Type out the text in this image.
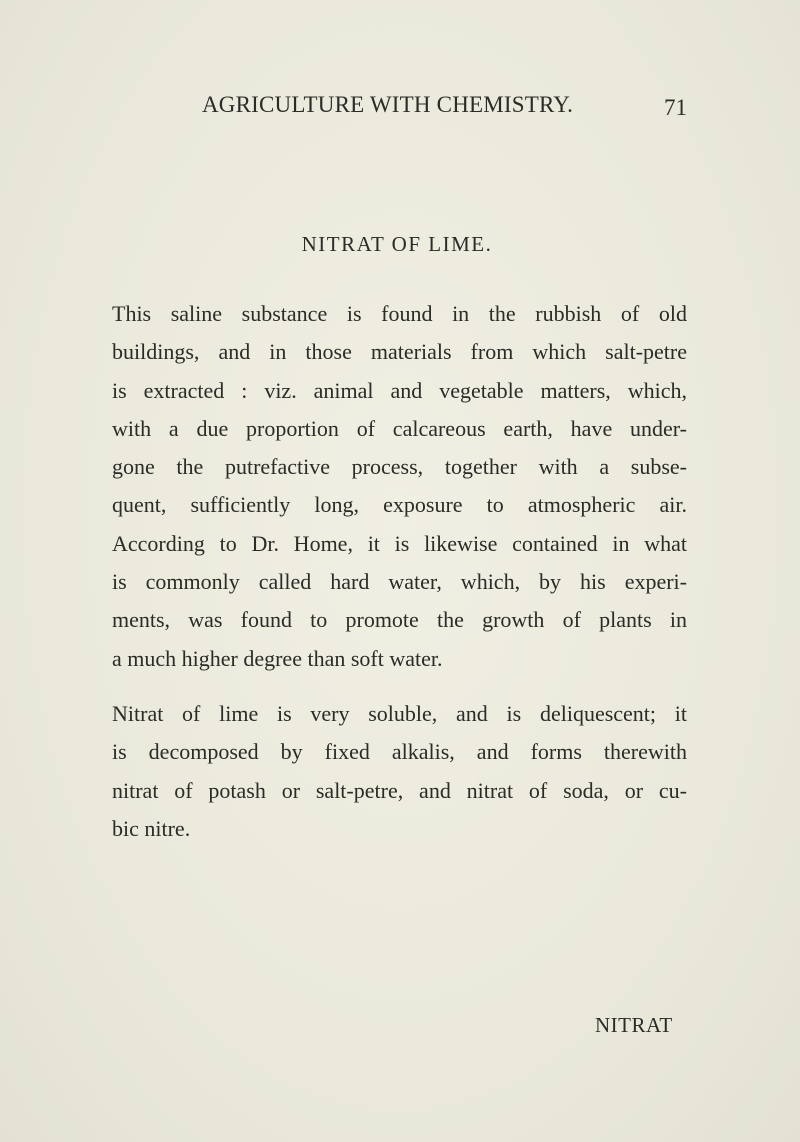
AGRICULTURE WITH CHEMISTRY.	71
NITRAT OF LIME.
This saline substance is found in the rubbish of old
buildings, and in those materials from which salt-petre
is extracted : viz. animal and vegetable matters, which,
with a due proportion of calcareous earth, have under-
gone the putrefactive process, together with a subse-
quent, sufficiently long, exposure to atmospheric air.
According to Dr. Home, it is likewise contained in what
is commonly called hard water, which, by his experi-
ments, was found to promote the growth of plants in
a much higher degree than soft water.
Nitrat of lime is very soluble, and is deliquescent; it
is decomposed by fixed alkalis, and forms therewith
nitrat of potash or salt-petre, and nitrat of soda, or cu-
bic nitre.
NITRAT
